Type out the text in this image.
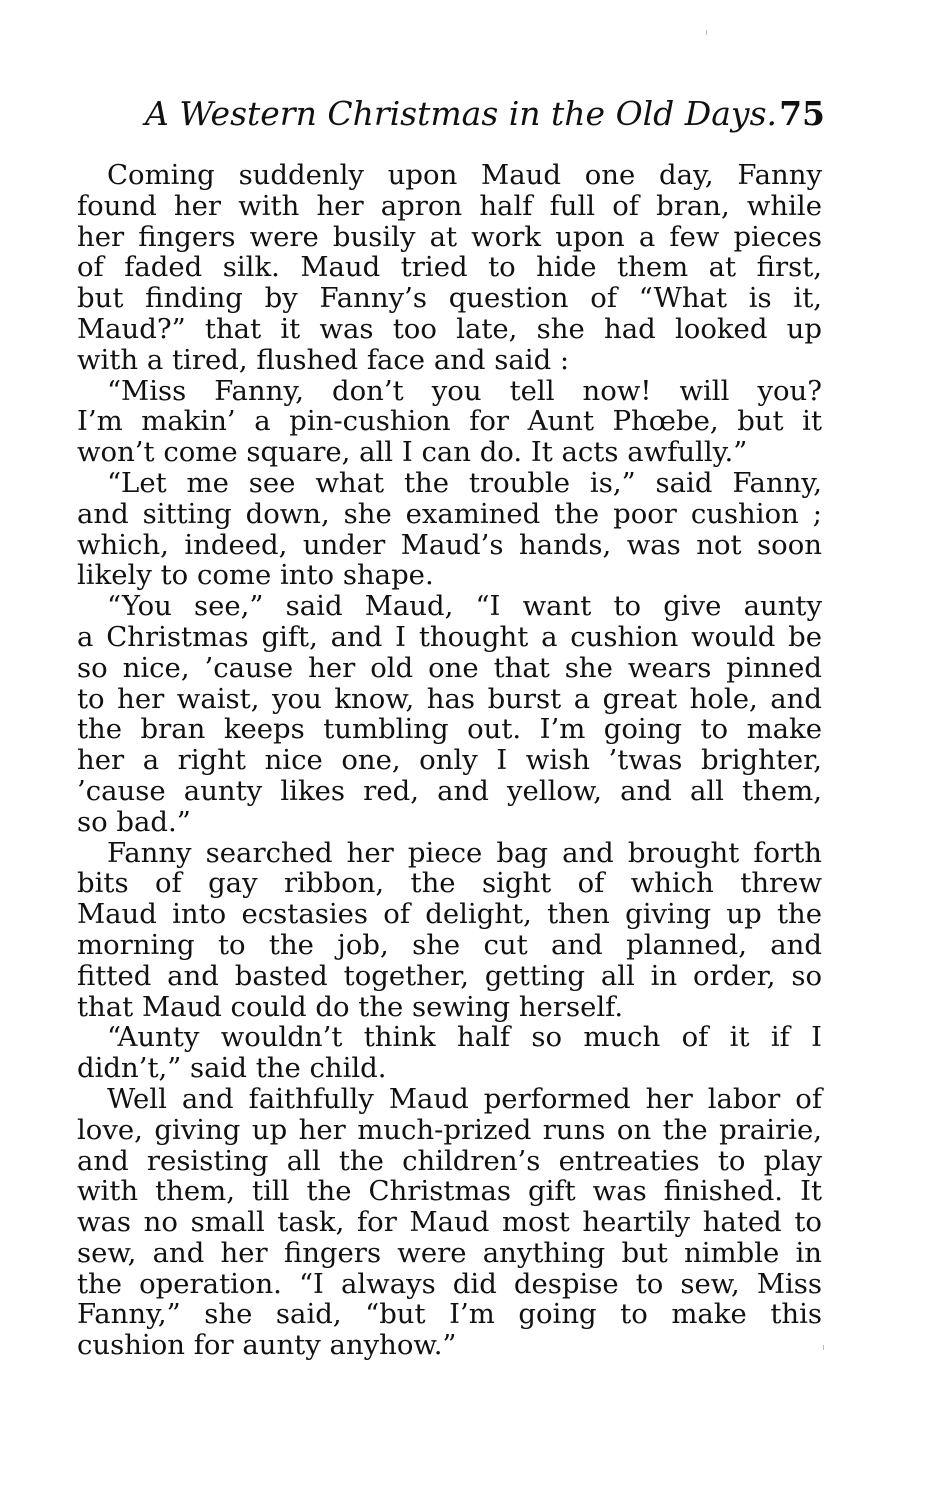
A Western Christmas in the Old Days. 75
Coming suddenly upon Maud one day, Fanny
found her with her apron half full of bran, while
her fingers were busily at work upon a few pieces
of faded silk. Maud tried to hide them at first,
but finding by Fanny’s question of “What is it,
Maud?” that it was too late, she had looked up
with a tired, flushed face and said :
“Miss Fanny, don’t you tell now! will you?
I’m makin’ a pin-cushion for Aunt Phœbe, but it
won’t come square, all I can do. It acts awfully.”
“Let me see what the trouble is,” said Fanny,
and sitting down, she examined the poor cushion ;
which, indeed, under Maud’s hands, was not soon
likely to come into shape.
“You see,” said Maud, “I want to give aunty
a Christmas gift, and I thought a cushion would be
so nice, ’cause her old one that she wears pinned
to her waist, you know, has burst a great hole, and
the bran keeps tumbling out. I’m going to make
her a right nice one, only I wish ’twas brighter,
’cause aunty likes red, and yellow, and all them,
so bad.”
Fanny searched her piece bag and brought forth
bits of gay ribbon, the sight of which threw
Maud into ecstasies of delight, then giving up the
morning to the job, she cut and planned, and
fitted and basted together, getting all in order, so
that Maud could do the sewing herself.
“Aunty wouldn’t think half so much of it if I
didn’t,” said the child.
Well and faithfully Maud performed her labor of
love, giving up her much-prized runs on the prairie,
and resisting all the children’s entreaties to play
with them, till the Christmas gift was finished. It
was no small task, for Maud most heartily hated to
sew, and her fingers were anything but nimble in
the operation. “I always did despise to sew, Miss
Fanny,” she said, “but I’m going to make this
cushion for aunty anyhow.”
